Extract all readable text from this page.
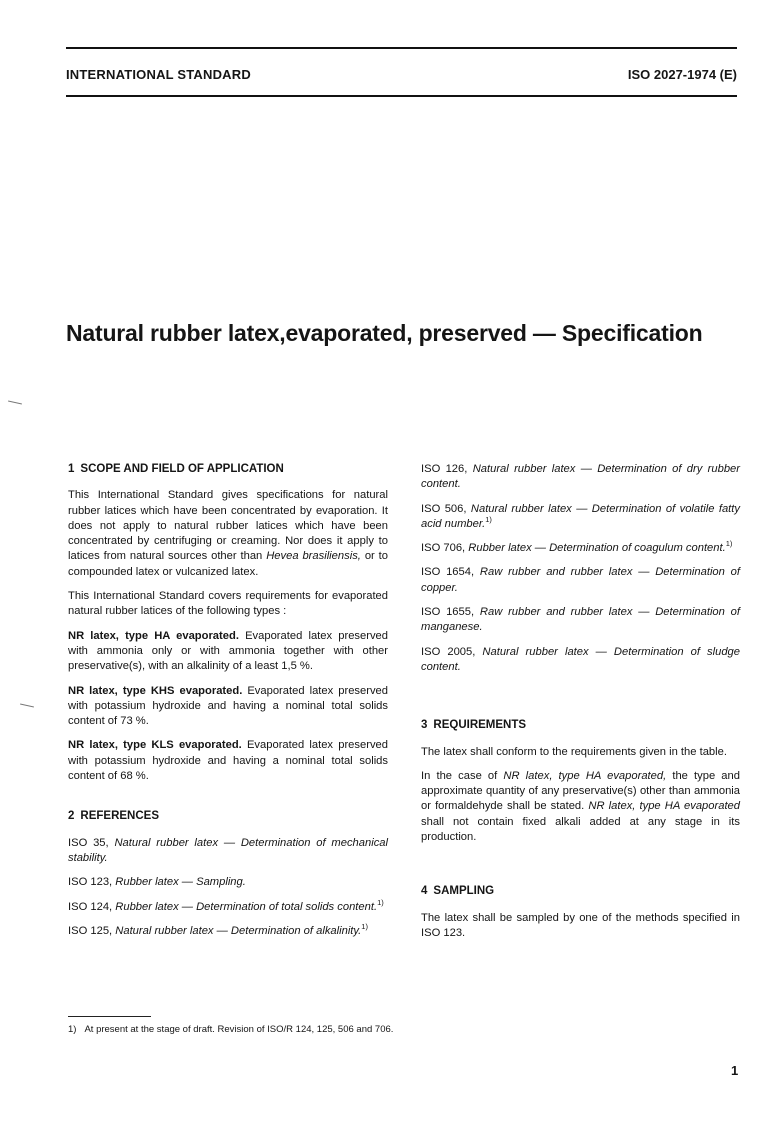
INTERNATIONAL STANDARD	ISO 2027-1974 (E)
Natural rubber latex,evaporated, preserved — Specification
1 SCOPE AND FIELD OF APPLICATION

This International Standard gives specifications for natural rubber latices which have been concentrated by evaporation. It does not apply to natural rubber latices which have been concentrated by centrifuging or creaming. Nor does it apply to latices from natural sources other than Hevea brasiliensis, or to compounded latex or vulcanized latex.

This International Standard covers requirements for evaporated natural rubber latices of the following types :

NR latex, type HA evaporated. Evaporated latex preserved with ammonia only or with ammonia together with other preservative(s), with an alkalinity of a least 1,5 %.

NR latex, type KHS evaporated. Evaporated latex preserved with potassium hydroxide and having a nominal total solids content of 73 %.

NR latex, type KLS evaporated. Evaporated latex preserved with potassium hydroxide and having a nominal total solids content of 68 %.

2 REFERENCES
ISO 35, Natural rubber latex — Determination of mechanical stability.
ISO 123, Rubber latex — Sampling.
ISO 124, Rubber latex — Determination of total solids content.$^{1)}$
ISO 125, Natural rubber latex — Determination of alkalinity.$^{1)}$
ISO 126, Natural rubber latex — Determination of dry rubber content.
ISO 506, Natural rubber latex — Determination of volatile fatty acid number.$^{1)}$
ISO 706, Rubber latex — Determination of coagulum content.$^{1)}$
ISO 1654, Raw rubber and rubber latex — Determination of copper.
ISO 1655, Raw rubber and rubber latex — Determination of manganese.
ISO 2005, Natural rubber latex — Determination of sludge content.
3 REQUIREMENTS

The latex shall conform to the requirements given in the table.

In the case of NR latex, type HA evaporated, the type and approximate quantity of any preservative(s) other than ammonia or formaldehyde shall be stated. NR latex, type HA evaporated shall not contain fixed alkali added at any stage in its production.

4 SAMPLING

The latex shall be sampled by one of the methods specified in ISO 123.

1) At present at the stage of draft. Revision of ISO/R 124, 125, 506 and 706.
1
